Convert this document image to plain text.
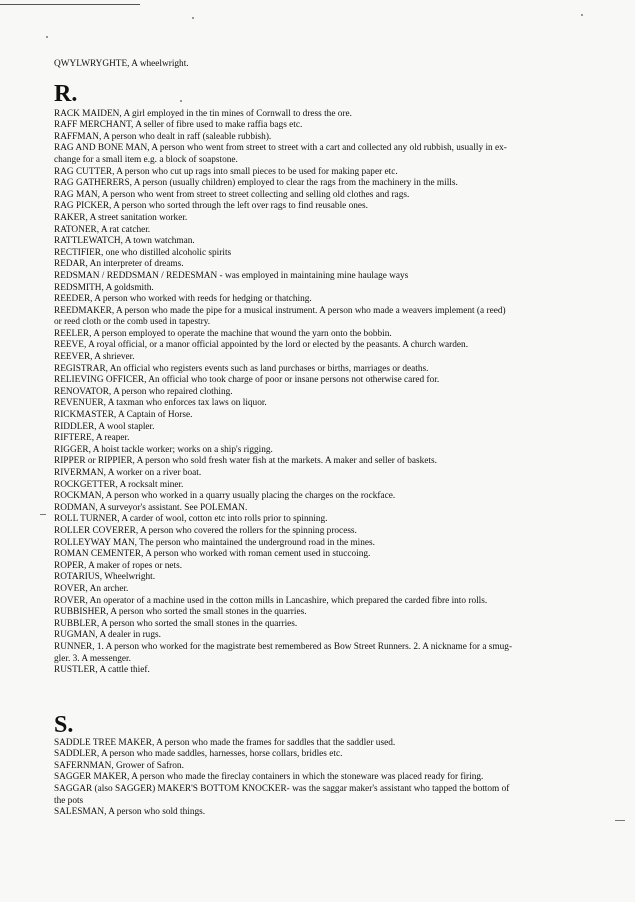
QWYLWRYGHTE, A wheelwright.

R.

RACK MAIDEN, A girl employed in the tin mines of Cornwall to dress the ore.

RAFF MERCHANT, A seller of fibre used to make raffia bags etc.

RAFFMAN, A person who dealt in raff (saleable rubbish).

RAG AND BONE MAN, A person who went from street to street with a cart and collected any old rubbish, usually in ex-

change for a small item e.g. a block of soapstone.

RAG CUTTER, A person who cut up rags into small pieces to be used for making paper etc.

RAG GATHERERS, A person (usually children) employed to clear the rags from the machinery in the mills.

RAG MAN, A person who went from street to street collecting and selling old clothes and rags.

RAG PICKER, A person who sorted through the left over rags to find reusable ones.

RAKER, A street sanitation worker.

RATONER, A rat catcher.

RATTLEWATCH, A town watchman.

RECTIFIER, one who distilled alcoholic spirits

REDAR, An interpreter of dreams.

REDSMAN / REDDSMAN / REDESMAN - was employed in maintaining mine haulage ways

REDSMITH, A goldsmith.

REEDER, A person who worked with reeds for hedging or thatching.

REEDMAKER, A person who made the pipe for a musical instrument. A person who made a weavers implement (a reed)

or reed cloth or the comb used in tapestry.

REELER, A person employed to operate the machine that wound the yarn onto the bobbin.

REEVE, A royal official, or a manor official appointed by the lord or elected by the peasants. A church warden.

REEVER, A shriever.

REGISTRAR, An official who registers events such as land purchases or births, marriages or deaths.

RELIEVING OFFICER, An official who took charge of poor or insane persons not otherwise cared for.

RENOVATOR, A person who repaired clothing.

REVENUER, A taxman who enforces tax laws on liquor.

RICKMASTER, A Captain of Horse.

RIDDLER, A wool stapler.

RIFTERE, A reaper.

RIGGER, A hoist tackle worker; works on a ship's rigging.

RIPPER or RIPPIER, A person who sold fresh water fish at the markets. A maker and seller of baskets.

RIVERMAN, A worker on a river boat.

ROCKGETTER, A rocksalt miner.

ROCKMAN, A person who worked in a quarry usually placing the charges on the rockface.

RODMAN, A surveyor's assistant. See POLEMAN.

ROLL TURNER, A carder of wool, cotton etc into rolls prior to spinning.

ROLLER COVERER, A person who covered the rollers for the spinning process.

ROLLEYWAY MAN, The person who maintained the underground road in the mines.

ROMAN CEMENTER, A person who worked with roman cement used in stuccoing.

ROPER, A maker of ropes or nets.

ROTARIUS, Wheelwright.

ROVER, An archer.

ROVER, An operator of a machine used in the cotton mills in Lancashire, which prepared the carded fibre into rolls.

RUBBISHER, A person who sorted the small stones in the quarries.

RUBBLER, A person who sorted the small stones in the quarries.

RUGMAN, A dealer in rugs.

RUNNER, 1. A person who worked for the magistrate best remembered as Bow Street Runners. 2. A nickname for a smug-

gler. 3. A messenger.

RUSTLER, A cattle thief.

S.

SADDLE TREE MAKER, A person who made the frames for saddles that the saddler used.

SADDLER, A person who made saddles, harnesses, horse collars, bridles etc.

SAFERNMAN, Grower of Safron.

SAGGER MAKER, A person who made the fireclay containers in which the stoneware was placed ready for firing.

SAGGAR (also SAGGER) MAKER'S BOTTOM KNOCKER- was the saggar maker's assistant who tapped the bottom of

the pots

SALESMAN, A person who sold things.
